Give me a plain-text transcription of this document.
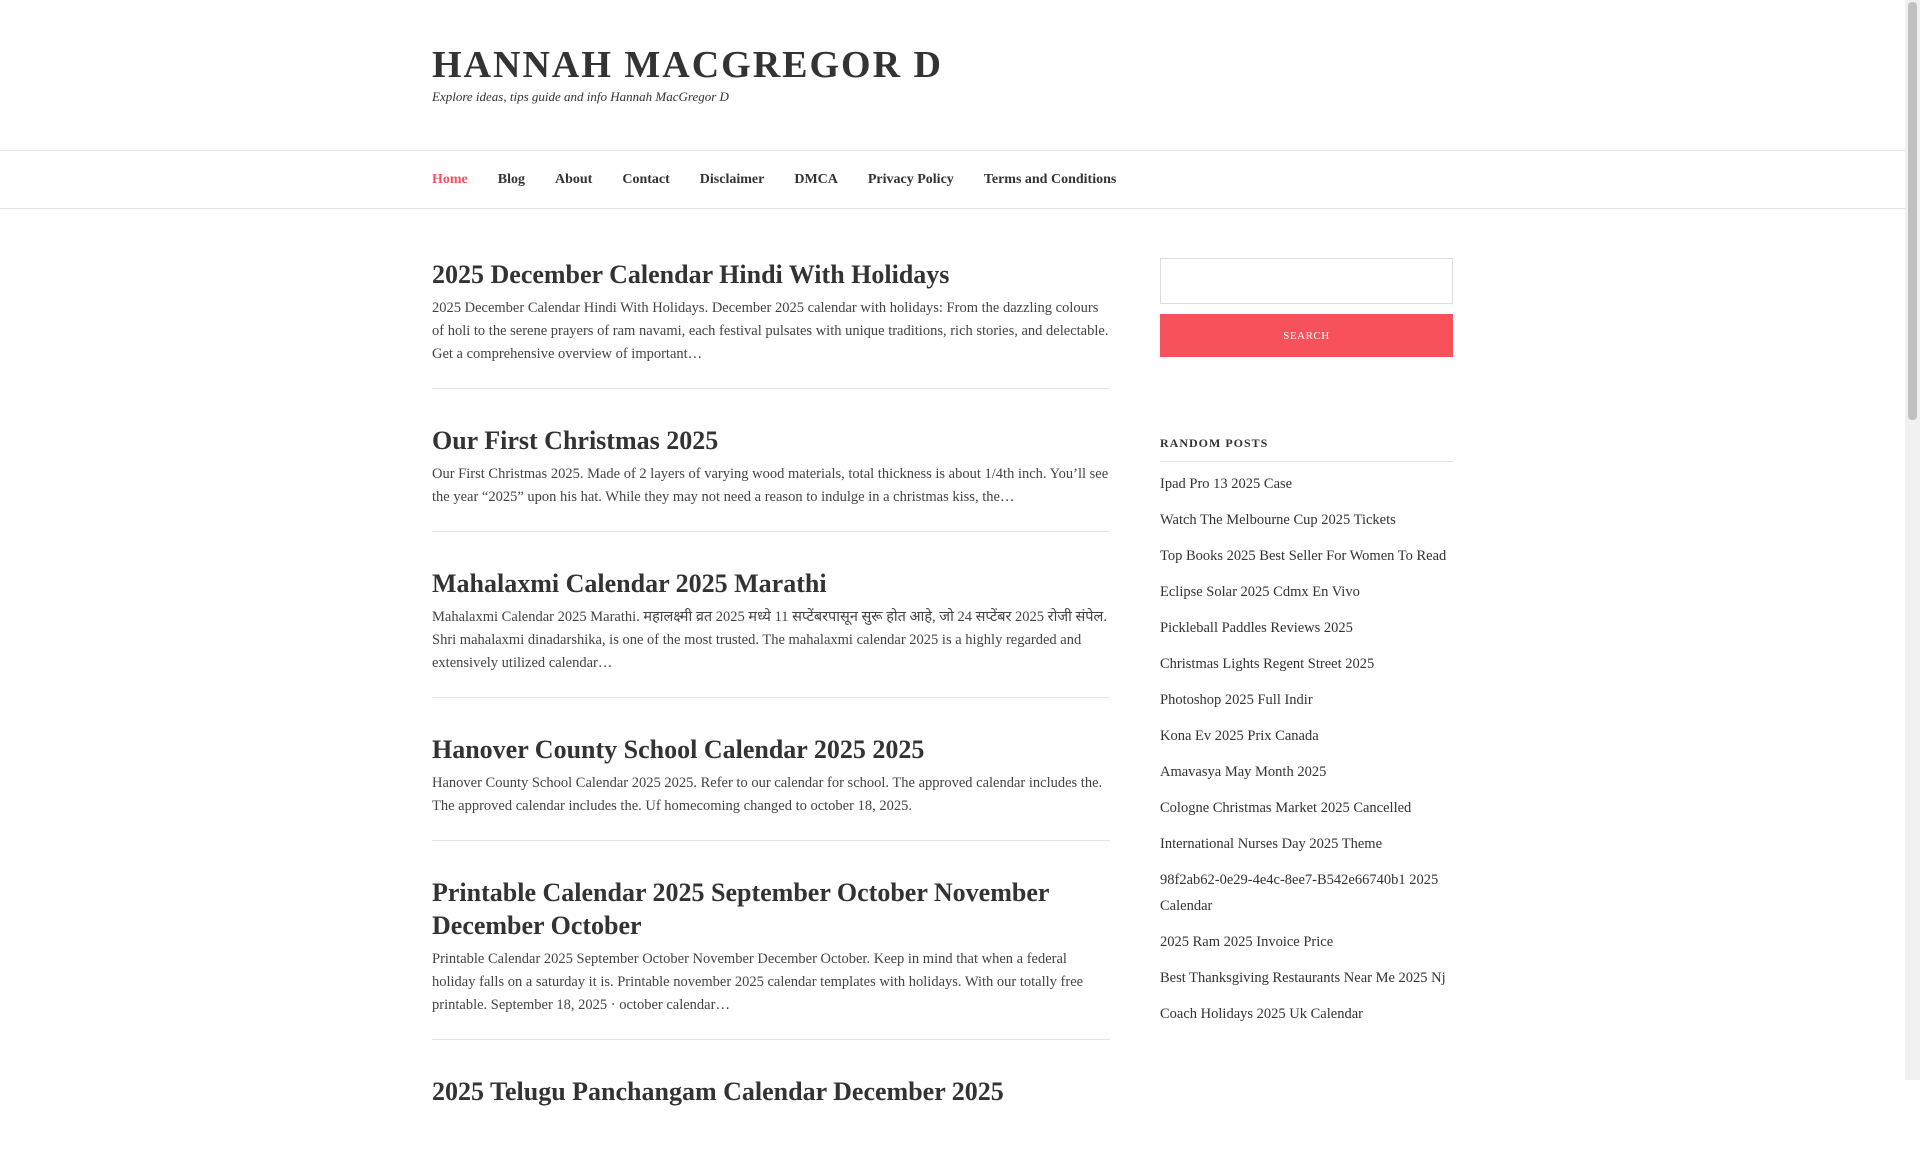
HANNAH MACGREGOR D
Explore ideas, tips guide and info Hannah MacGregor D
Home Blog About Contact Disclaimer DMCA Privacy Policy Terms and Conditions
2025 December Calendar Hindi With Holidays

2025 December Calendar Hindi With Holidays. December 2025 calendar with holidays: From the dazzling colours of holi to the serene prayers of ram navami, each festival pulsates with unique traditions, rich stories, and delectable. Get a comprehensive overview of important…

Our First Christmas 2025

Our First Christmas 2025. Made of 2 layers of varying wood materials, total thickness is about 1/4th inch. You’ll see the year “2025” upon his hat. While they may not need a reason to indulge in a christmas kiss, the…

Mahalaxmi Calendar 2025 Marathi

Mahalaxmi Calendar 2025 Marathi. महालक्ष्मी व्रत 2025 मध्ये 11 सप्टेंबरपासून सुरू होत आहे, जो 24 सप्टेंबर 2025 रोजी संपेल. Shri mahalaxmi dinadarshika, is one of the most trusted. The mahalaxmi calendar 2025 is a highly regarded and extensively utilized calendar…

Hanover County School Calendar 2025 2025

Hanover County School Calendar 2025 2025. Refer to our calendar for school. The approved calendar includes the. The approved calendar includes the. Uf homecoming changed to october 18, 2025.

Printable Calendar 2025 September October November December October

Printable Calendar 2025 September October November December October. Keep in mind that when a federal holiday falls on a saturday it is. Printable november 2025 calendar templates with holidays. With our totally free printable. September 18, 2025 · october calendar…

2025 Telugu Panchangam Calendar December 2025
SEARCH
RANDOM POSTS
Ipad Pro 13 2025 Case
Watch The Melbourne Cup 2025 Tickets
Top Books 2025 Best Seller For Women To Read
Eclipse Solar 2025 Cdmx En Vivo
Pickleball Paddles Reviews 2025
Christmas Lights Regent Street 2025
Photoshop 2025 Full Indir
Kona Ev 2025 Prix Canada
Amavasya May Month 2025
Cologne Christmas Market 2025 Cancelled
International Nurses Day 2025 Theme
98f2ab62-0e29-4e4c-8ee7-B542e66740b1 2025 Calendar
2025 Ram 2025 Invoice Price
Best Thanksgiving Restaurants Near Me 2025 Nj
Coach Holidays 2025 Uk Calendar
